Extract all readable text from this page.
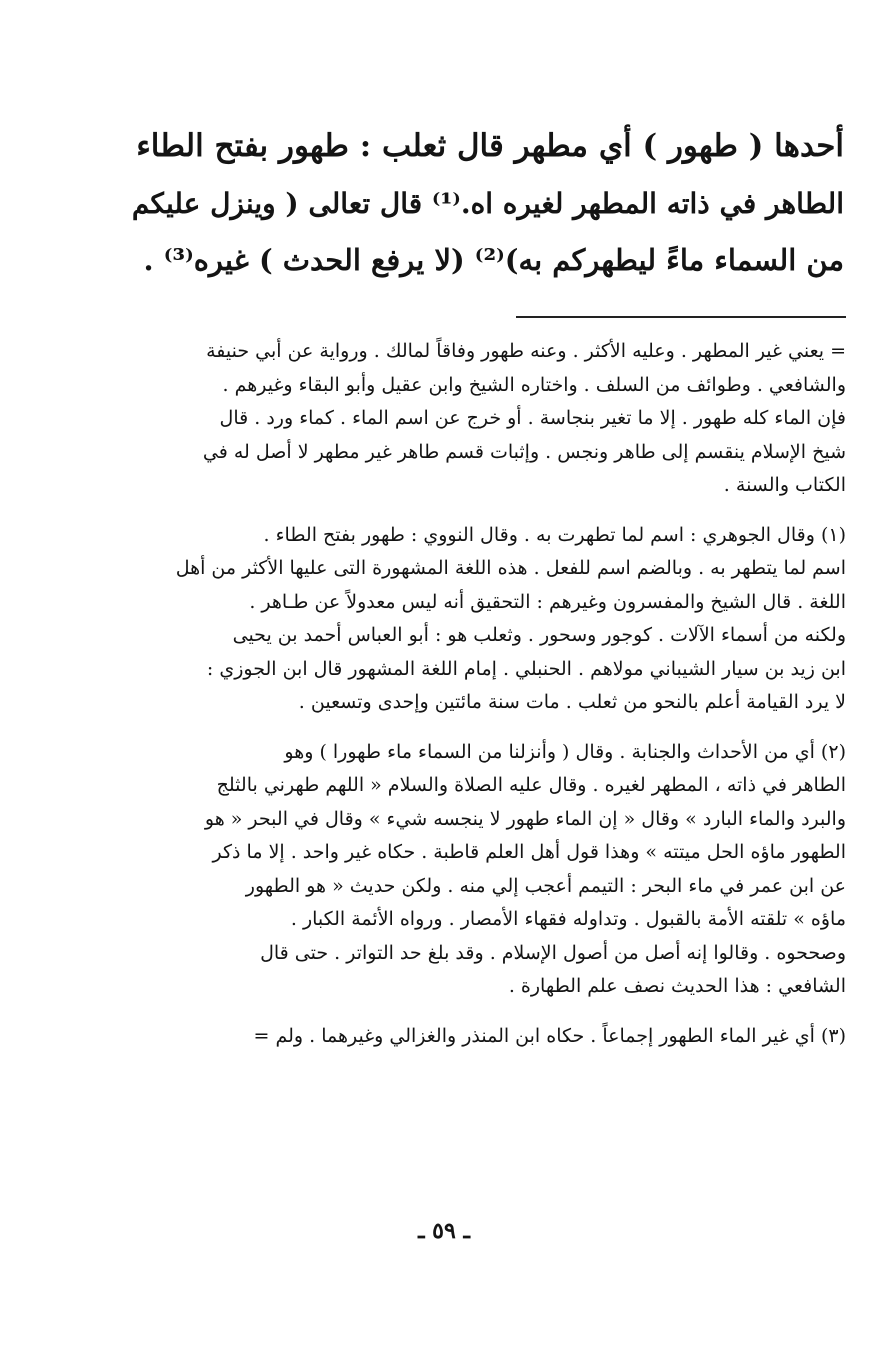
أحدها ( طهور ) أي مطهر قال ثعلب : طهور بفتح الطاء
الطاهر في ذاته المطهر لغيره اه.⁽¹⁾ قال تعالى ( وينزل عليكم
من السماء ماءً ليطهركم به)⁽²⁾ (لا يرفع الحدث ) غيره⁽³⁾ .
= يعني غير المطهر . وعليه الأكثر . وعنه طهور وفاقاً لمالك . ورواية عن أبي حنيفة
والشافعي . وطوائف من السلف . واختاره الشيخ وابن عقيل وأبو البقاء وغيرهم .
فإن الماء كله طهور . إلا ما تغير بنجاسة . أو خرج عن اسم الماء . كماء ورد . قال
شيخ الإسلام ينقسم إلى طاهر ونجس . وإثبات قسم طاهر غير مطهر لا أصل له في
الكتاب والسنة .
(١) وقال الجوهري : اسم لما تطهرت به . وقال النووي : طهور بفتح الطاء .
اسم لما يتطهر به . وبالضم اسم للفعل . هذه اللغة المشهورة التى عليها الأكثر من أهل
اللغة . قال الشيخ والمفسرون وغيرهم : التحقيق أنه ليس معدولاً عن طـاهر .
ولكنه من أسماء الآلات . كوجور وسحور . وثعلب هو : أبو العباس أحمد بن يحيى
ابن زيد بن سيار الشيباني مولاهم . الحنبلي . إمام اللغة المشهور قال ابن الجوزي :
لا يرد القيامة أعلم بالنحو من ثعلب . مات سنة مائتين وإحدى وتسعين .
(٢) أي من الأحداث والجنابة . وقال ( وأنزلنا من السماء ماء طهورا ) وهو
الطاهر في ذاته ، المطهر لغيره . وقال عليه الصلاة والسلام « اللهم طهرني بالثلج
والبرد والماء البارد » وقال « إن الماء طهور لا ينجسه شيء » وقال في البحر « هو
الطهور ماؤه الحل ميتته » وهذا قول أهل العلم قاطبة . حكاه غير واحد . إلا ما ذكر
عن ابن عمر في ماء البحر : التيمم أعجب إلي منه . ولكن حديث « هو الطهور
ماؤه » تلقته الأمة بالقبول . وتداوله فقهاء الأمصار . ورواه الأئمة الكبار .
وصححوه . وقالوا إنه أصل من أصول الإسلام . وقد بلغ حد التواتر . حتى قال
الشافعي : هذا الحديث نصف علم الطهارة .
(٣) أي غير الماء الطهور إجماعاً . حكاه ابن المنذر والغزالي وغيرهما . ولم =
ـ ٥٩ ـ
